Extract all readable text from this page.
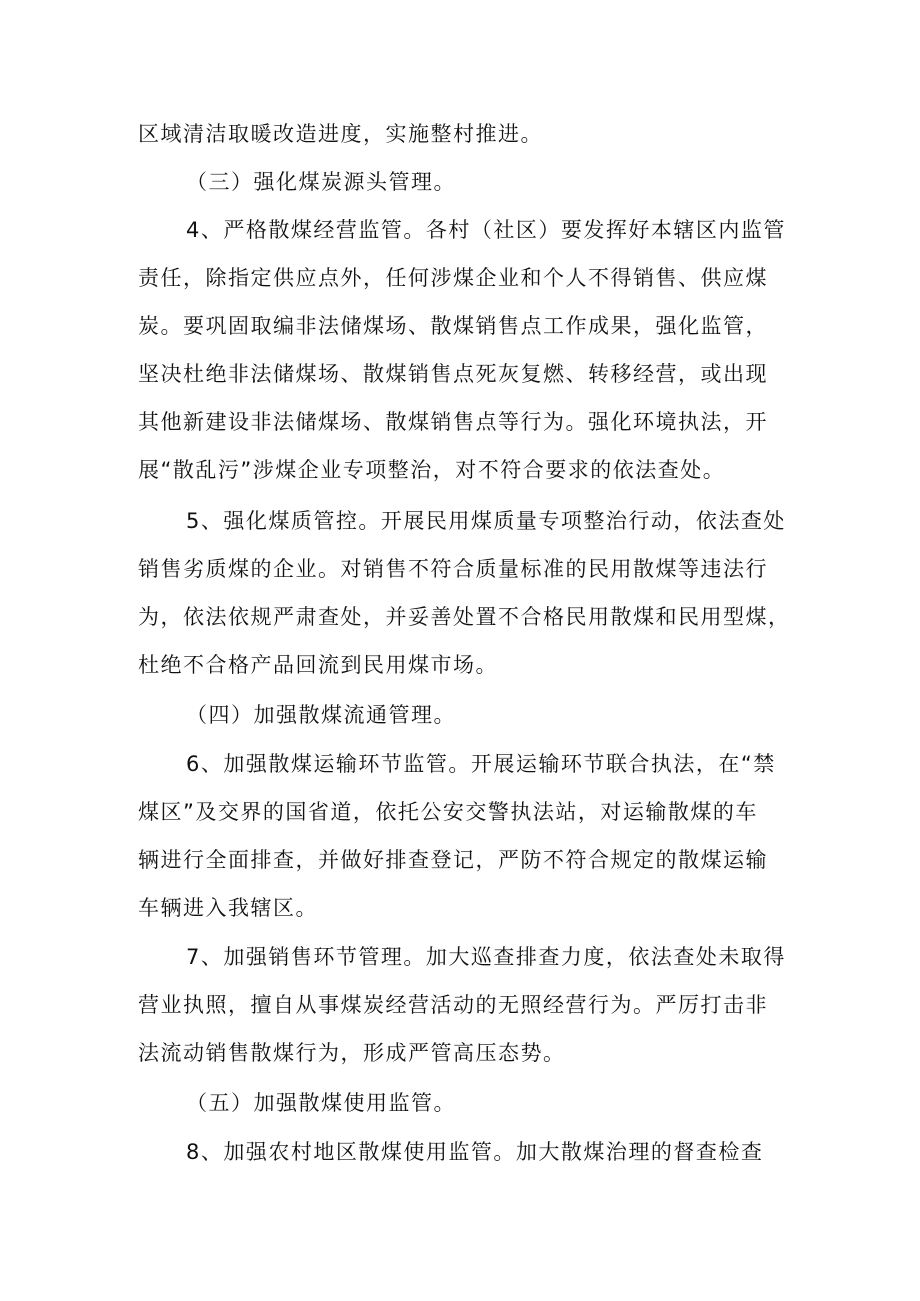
区域清洁取暖改造进度，实施整村推进。
（三）强化煤炭源头管理。
4、严格散煤经营监管。各村（社区）要发挥好本辖区内监管
责任，除指定供应点外，任何涉煤企业和个人不得销售、供应煤
炭。要巩固取编非法储煤场、散煤销售点工作成果，强化监管，
坚决杜绝非法储煤场、散煤销售点死灰复燃、转移经营，或出现
其他新建设非法储煤场、散煤销售点等行为。强化环境执法，开
展“散乱污”涉煤企业专项整治，对不符合要求的依法查处。
5、强化煤质管控。开展民用煤质量专项整治行动，依法查处
销售劣质煤的企业。对销售不符合质量标准的民用散煤等违法行
为，依法依规严肃查处，并妥善处置不合格民用散煤和民用型煤，
杜绝不合格产品回流到民用煤市场。
（四）加强散煤流通管理。
6、加强散煤运输环节监管。开展运输环节联合执法，在“禁
煤区”及交界的国省道，依托公安交警执法站，对运输散煤的车
辆进行全面排查，并做好排查登记，严防不符合规定的散煤运输
车辆进入我辖区。
7、加强销售环节管理。加大巡查排查力度，依法查处未取得
营业执照，擅自从事煤炭经营活动的无照经营行为。严厉打击非
法流动销售散煤行为，形成严管高压态势。
（五）加强散煤使用监管。
8、加强农村地区散煤使用监管。加大散煤治理的督查检查
